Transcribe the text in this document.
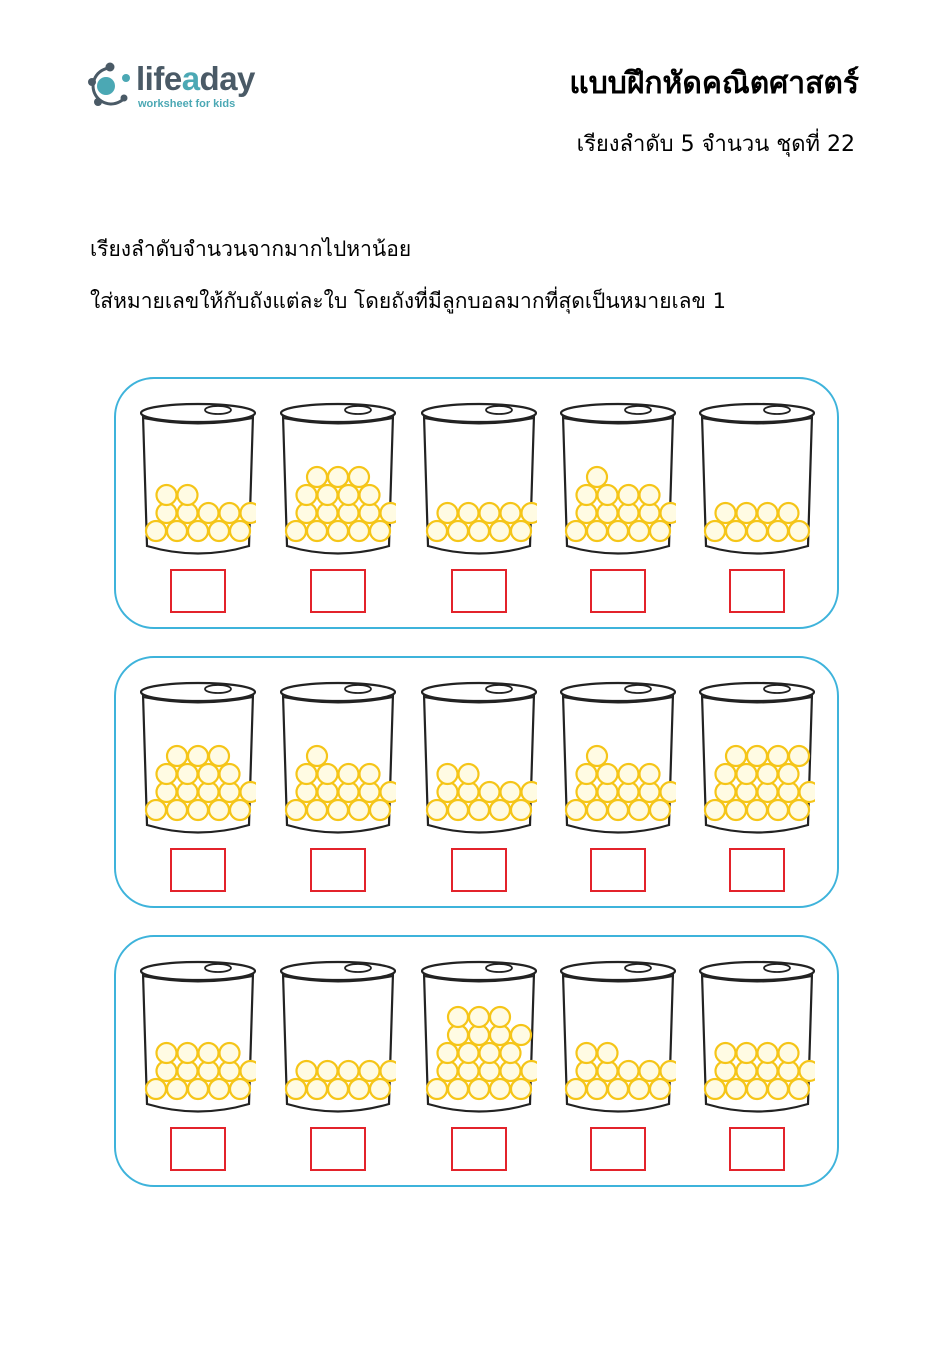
lifeaday
worksheet for kids
แบบฝึกหัดคณิตศาสตร์
เรียงลำดับ 5 จำนวน ชุดที่ 22
เรียงลำดับจำนวนจากมากไปหาน้อย
ใส่หมายเลขให้กับถังแต่ละใบ โดยถังที่มีลูกบอลมากที่สุดเป็นหมายเลข 1
